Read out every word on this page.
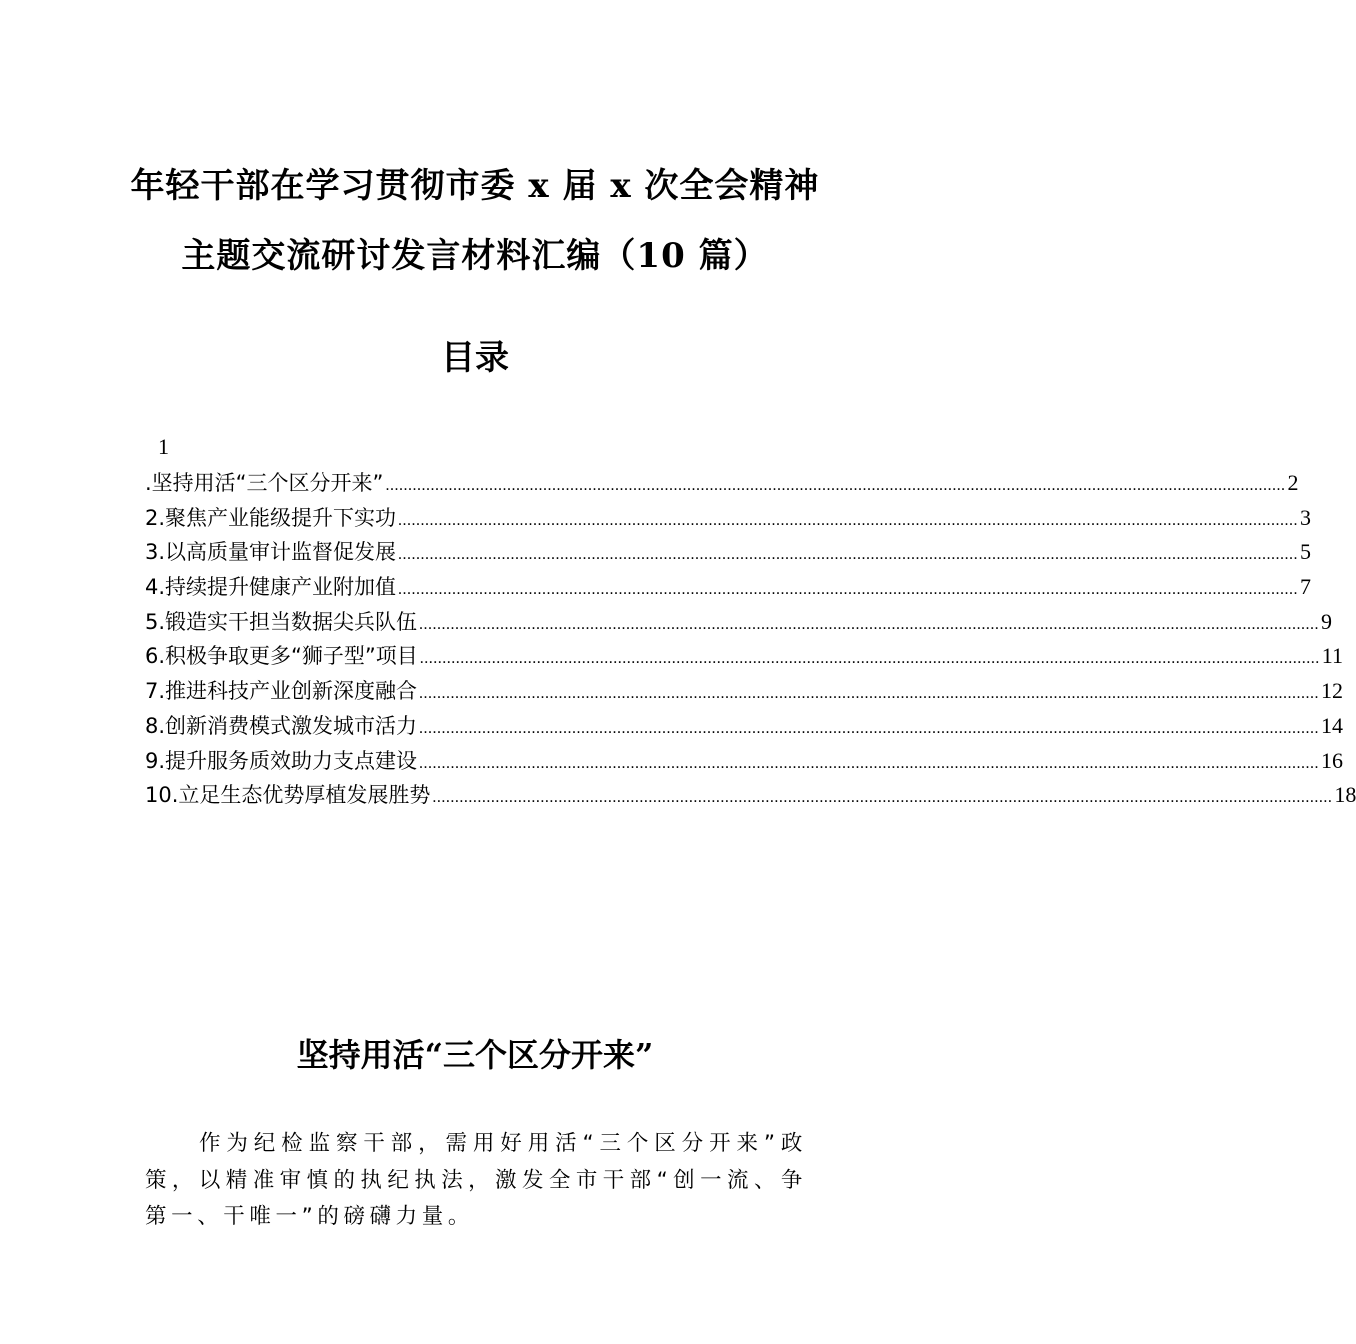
年轻干部在学习贯彻市委 x 届 x 次全会精神
主题交流研讨发言材料汇编（10 篇）
目录
1
.坚持用活“三个区分开来” ........................................................................................................................................................................................................ 2
2.聚焦产业能级提升下实功 ........................................................................................................................................................................................................ 3
3.以高质量审计监督促发展 ........................................................................................................................................................................................................ 5
4.持续提升健康产业附加值 ........................................................................................................................................................................................................ 7
5.锻造实干担当数据尖兵队伍 ........................................................................................................................................................................................................ 9
6.积极争取更多“狮子型”项目 ........................................................................................................................................................................................................ 11
7.推进科技产业创新深度融合 ........................................................................................................................................................................................................ 12
8.创新消费模式激发城市活力 ........................................................................................................................................................................................................ 14
9.提升服务质效助力支点建设 ........................................................................................................................................................................................................ 16
10.立足生态优势厚植发展胜势 ........................................................................................................................................................................................................ 18
坚持用活“三个区分开来”

作为纪检监察干部，需用好用活“三个区分开来”政策，以精准审慎的执纪执法，激发全市干部“创一流、争第一、干唯一”的磅礴力量。
